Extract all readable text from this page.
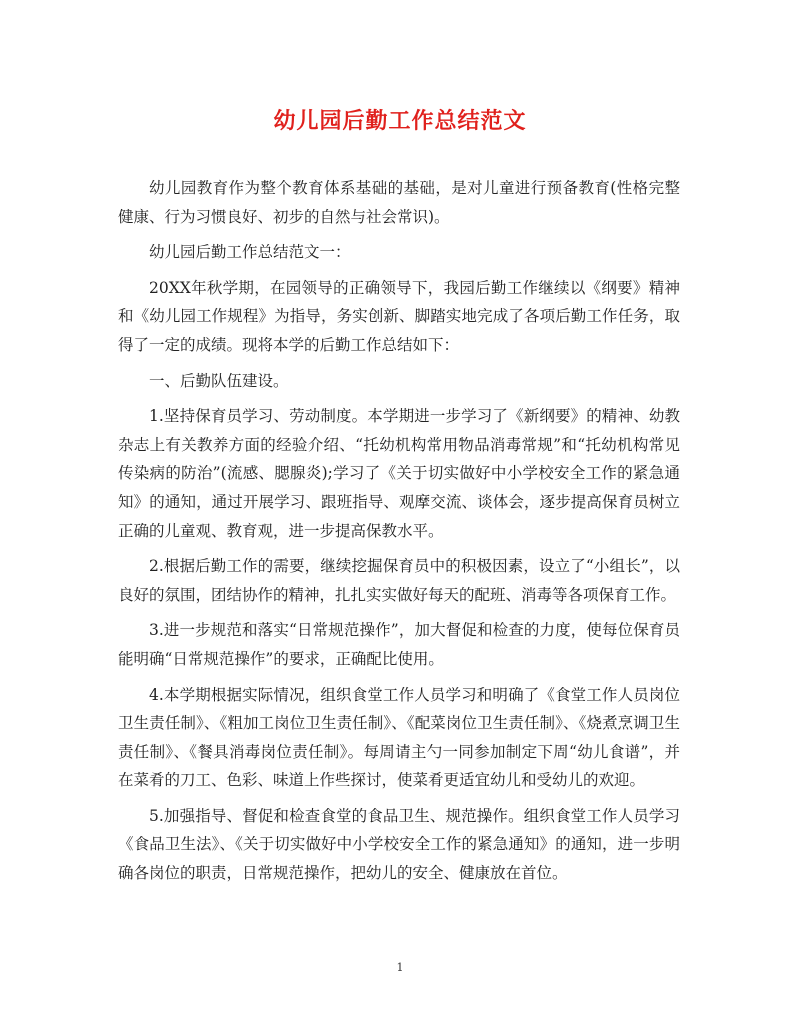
幼儿园后勤工作总结范文

幼儿园教育作为整个教育体系基础的基础，是对儿童进行预备教育(性格完整健康、行为习惯良好、初步的自然与社会常识)。

幼儿园后勤工作总结范文一：

20XX年秋学期，在园领导的正确领导下，我园后勤工作继续以《纲要》精神和《幼儿园工作规程》为指导，务实创新、脚踏实地完成了各项后勤工作任务，取得了一定的成绩。现将本学的后勤工作总结如下：

一、后勤队伍建设。

1.坚持保育员学习、劳动制度。本学期进一步学习了《新纲要》的精神、幼教杂志上有关教养方面的经验介绍、“托幼机构常用物品消毒常规”和“托幼机构常见传染病的防治”(流感、腮腺炎);学习了《关于切实做好中小学校安全工作的紧急通知》的通知，通过开展学习、跟班指导、观摩交流、谈体会，逐步提高保育员树立正确的儿童观、教育观，进一步提高保教水平。

2.根据后勤工作的需要，继续挖掘保育员中的积极因素，设立了“小组长”，以良好的氛围，团结协作的精神，扎扎实实做好每天的配班、消毒等各项保育工作。

3.进一步规范和落实“日常规范操作”，加大督促和检查的力度，使每位保育员能明确“日常规范操作”的要求，正确配比使用。

4.本学期根据实际情况，组织食堂工作人员学习和明确了《食堂工作人员岗位卫生责任制》、《粗加工岗位卫生责任制》、《配菜岗位卫生责任制》、《烧煮烹调卫生责任制》、《餐具消毒岗位责任制》。每周请主勺一同参加制定下周“幼儿食谱”，并在菜肴的刀工、色彩、味道上作些探讨，使菜肴更适宜幼儿和受幼儿的欢迎。

5.加强指导、督促和检查食堂的食品卫生、规范操作。组织食堂工作人员学习《食品卫生法》、《关于切实做好中小学校安全工作的紧急通知》的通知，进一步明确各岗位的职责，日常规范操作，把幼儿的安全、健康放在首位。

1
